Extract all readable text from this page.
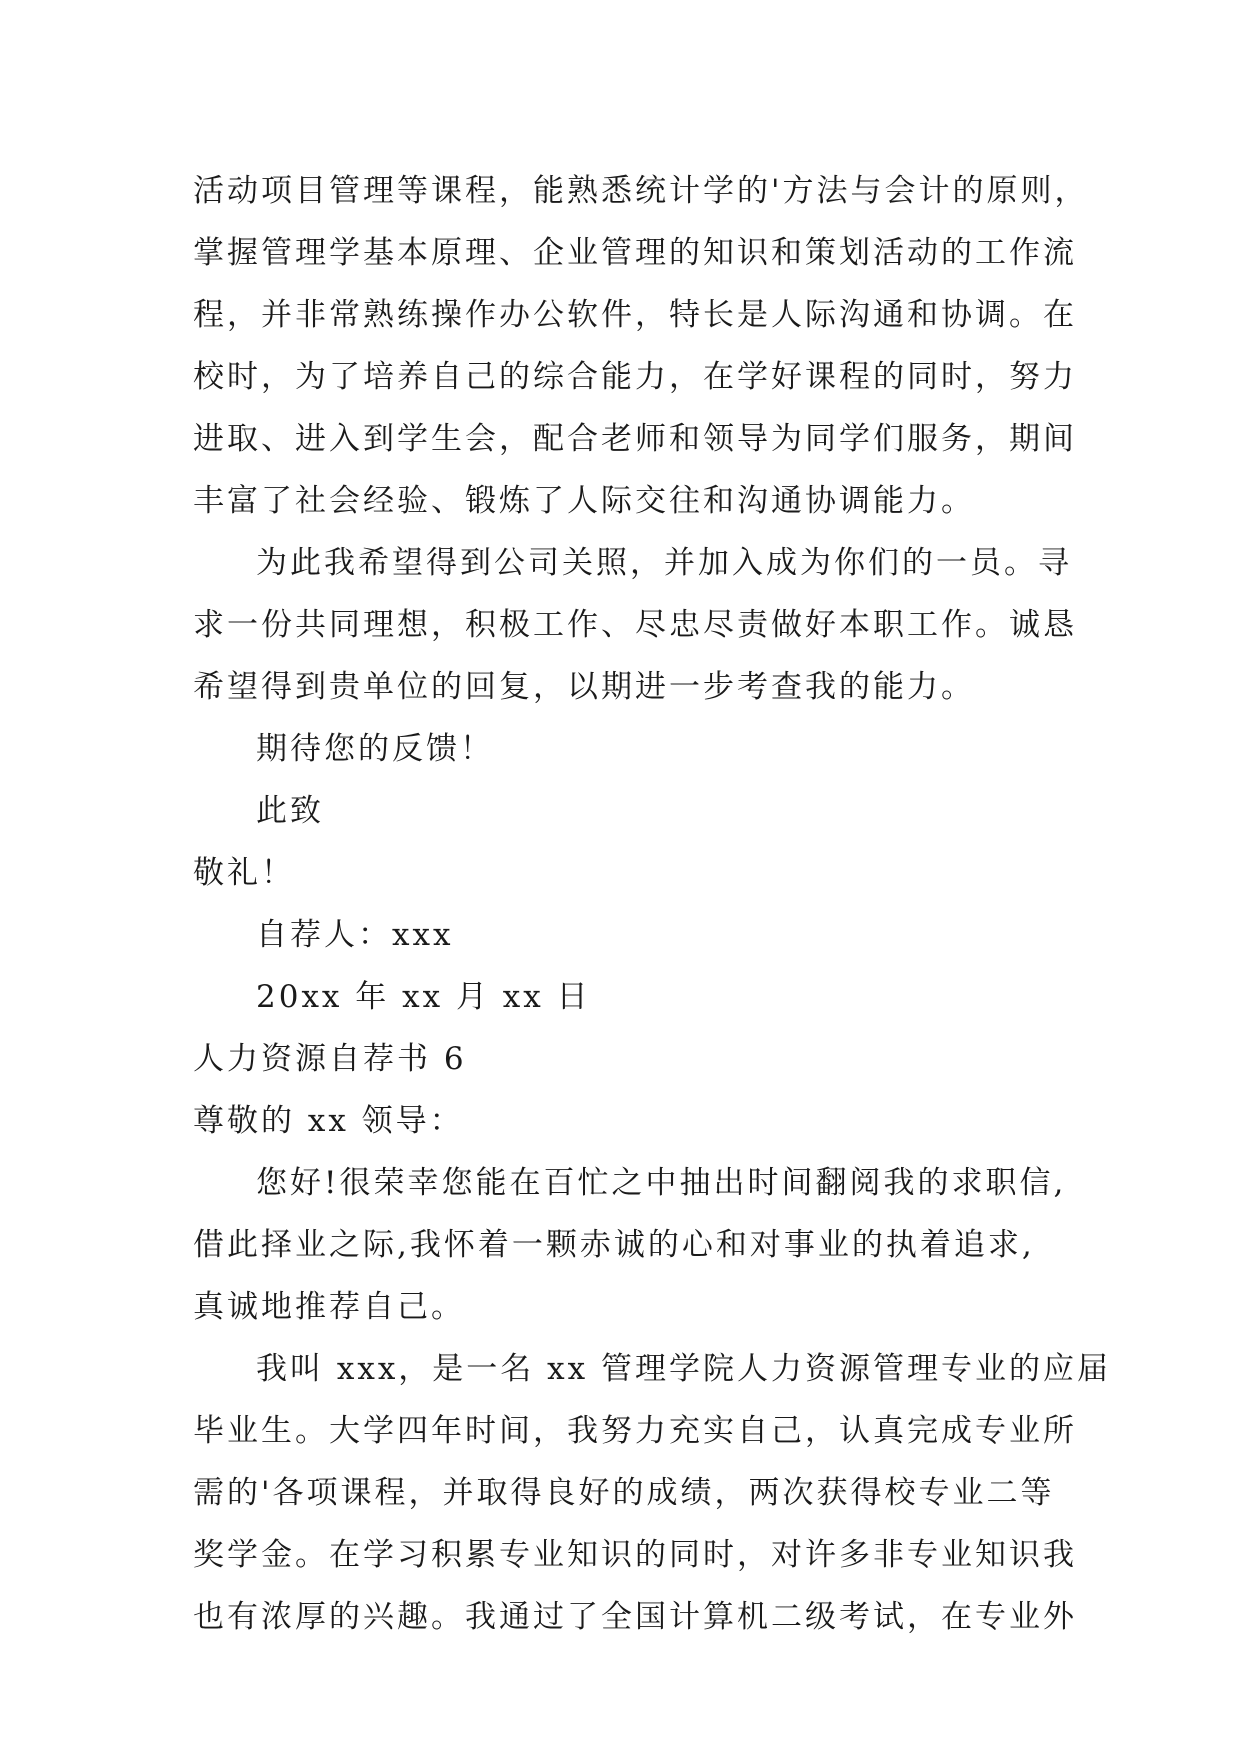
活动项目管理等课程，能熟悉统计学的'方法与会计的原则，

掌握管理学基本原理、企业管理的知识和策划活动的工作流

程，并非常熟练操作办公软件，特长是人际沟通和协调。在

校时，为了培养自己的综合能力，在学好课程的同时，努力

进取、进入到学生会，配合老师和领导为同学们服务，期间

丰富了社会经验、锻炼了人际交往和沟通协调能力。

为此我希望得到公司关照，并加入成为你们的一员。寻

求一份共同理想，积极工作、尽忠尽责做好本职工作。诚恳

希望得到贵单位的回复，以期进一步考查我的能力。

期待您的反馈！

此致

敬礼！

自荐人：xxx

20xx 年 xx 月 xx 日

人力资源自荐书 6

尊敬的 xx 领导：

您好!很荣幸您能在百忙之中抽出时间翻阅我的求职信,

借此择业之际,我怀着一颗赤诚的心和对事业的执着追求,

真诚地推荐自己。

我叫 xxx，是一名 xx 管理学院人力资源管理专业的应届

毕业生。大学四年时间，我努力充实自己，认真完成专业所

需的'各项课程，并取得良好的成绩，两次获得校专业二等

奖学金。在学习积累专业知识的同时，对许多非专业知识我

也有浓厚的兴趣。我通过了全国计算机二级考试，在专业外
